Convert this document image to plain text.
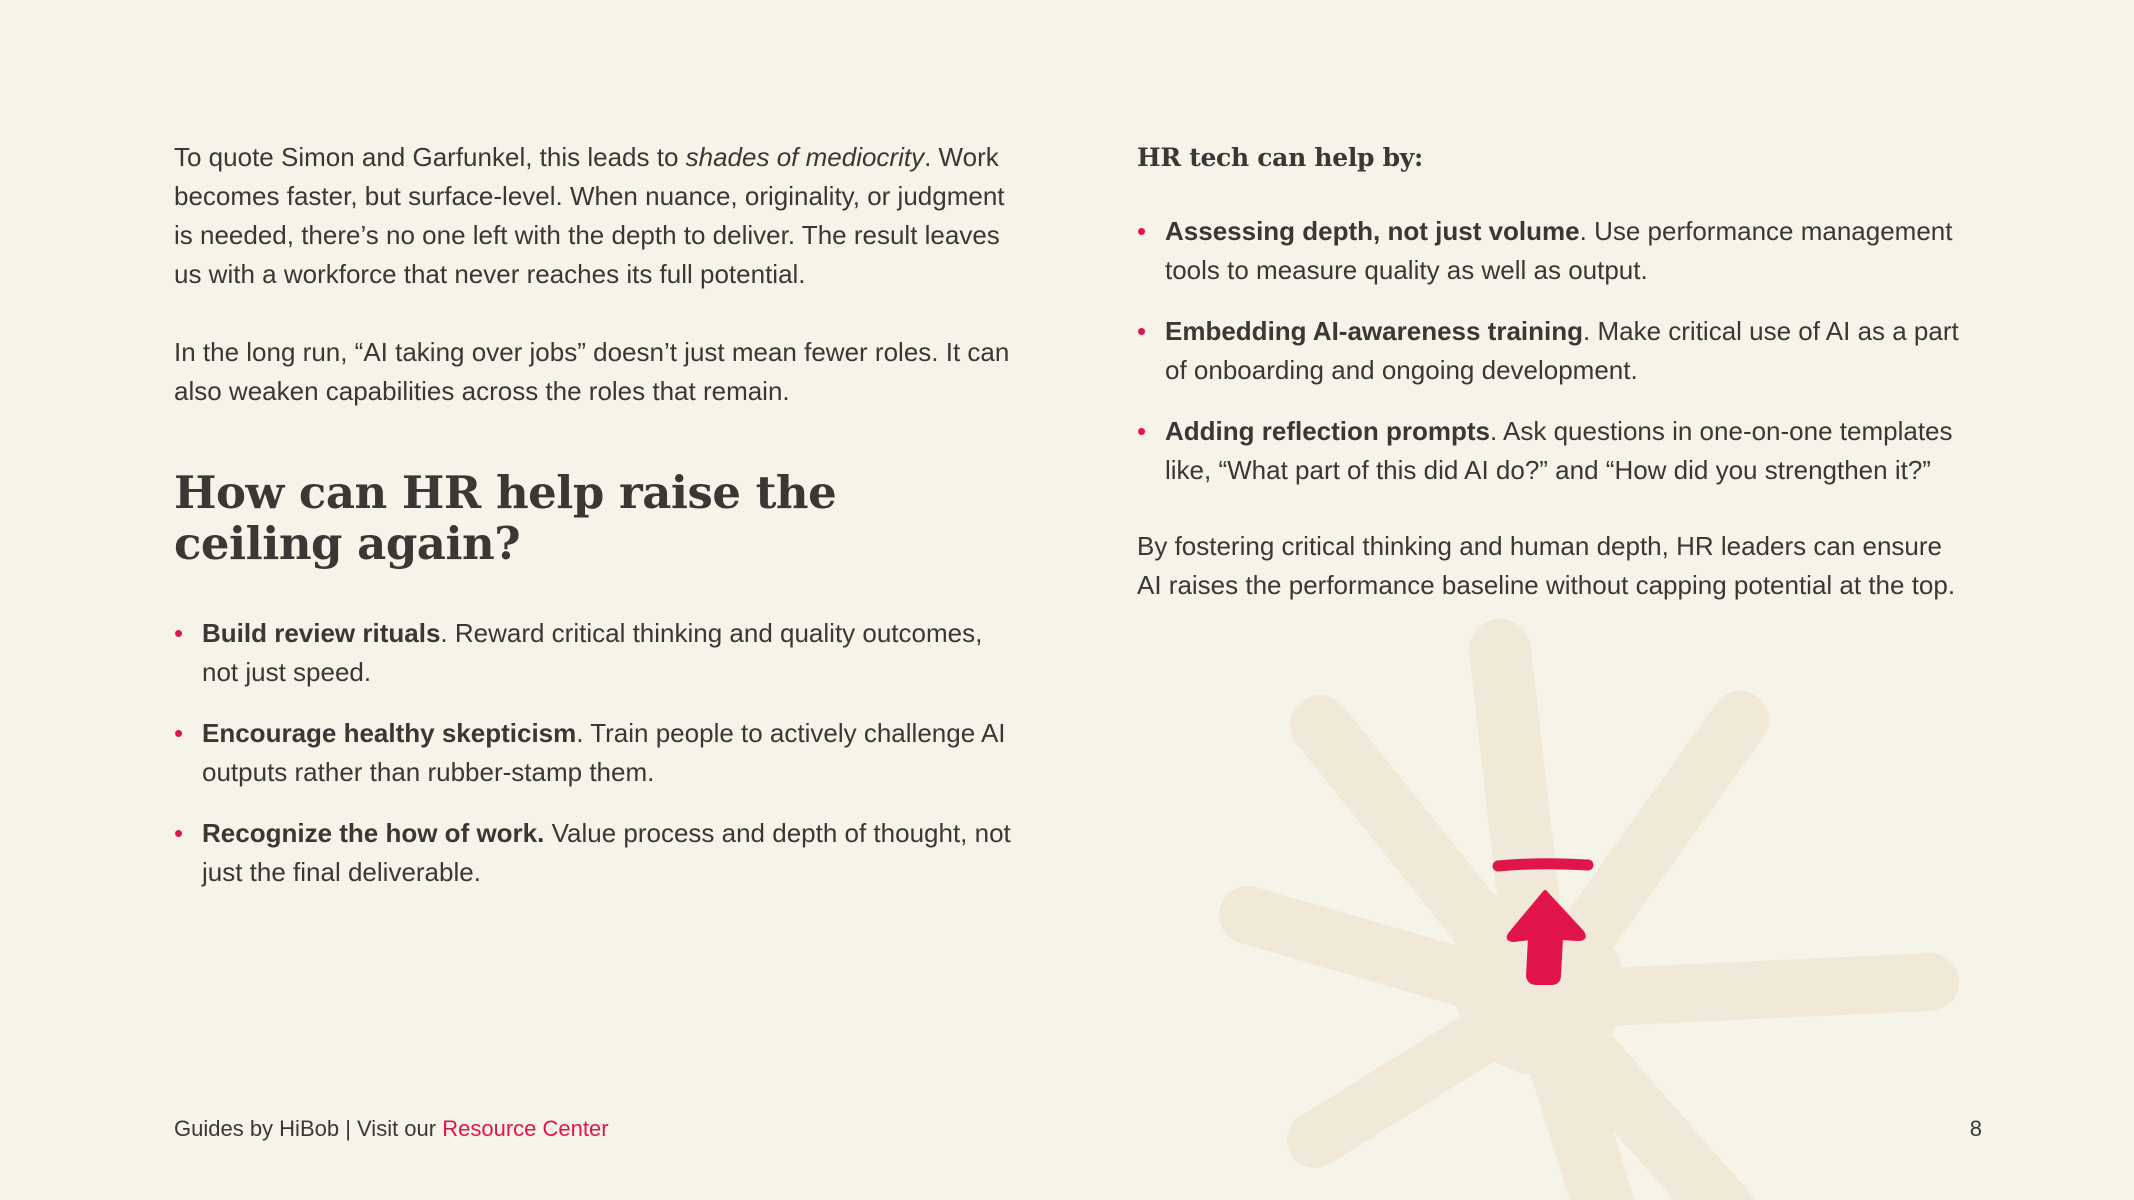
To quote Simon and Garfunkel, this leads to shades of mediocrity. Work becomes faster, but surface-level. When nuance, originality, or judgment is needed, there’s no one left with the depth to deliver. The result leaves us with a workforce that never reaches its full potential.

In the long run, “AI taking over jobs” doesn’t just mean fewer roles. It can also weaken capabilities across the roles that remain.

How can HR help raise the ceiling again?
• Build review rituals. Reward critical thinking and quality outcomes, not just speed.
• Encourage healthy skepticism. Train people to actively challenge AI outputs rather than rubber-stamp them.
• Recognize the how of work. Value process and depth of thought, not just the final deliverable.
HR tech can help by:
• Assessing depth, not just volume. Use performance management tools to measure quality as well as output.
• Embedding AI-awareness training. Make critical use of AI as a part of onboarding and ongoing development.
• Adding reflection prompts. Ask questions in one-on-one templates like, “What part of this did AI do?” and “How did you strengthen it?”

By fostering critical thinking and human depth, HR leaders can ensure AI raises the performance baseline without capping potential at the top.

Guides by HiBob | Visit our Resource Center	8
